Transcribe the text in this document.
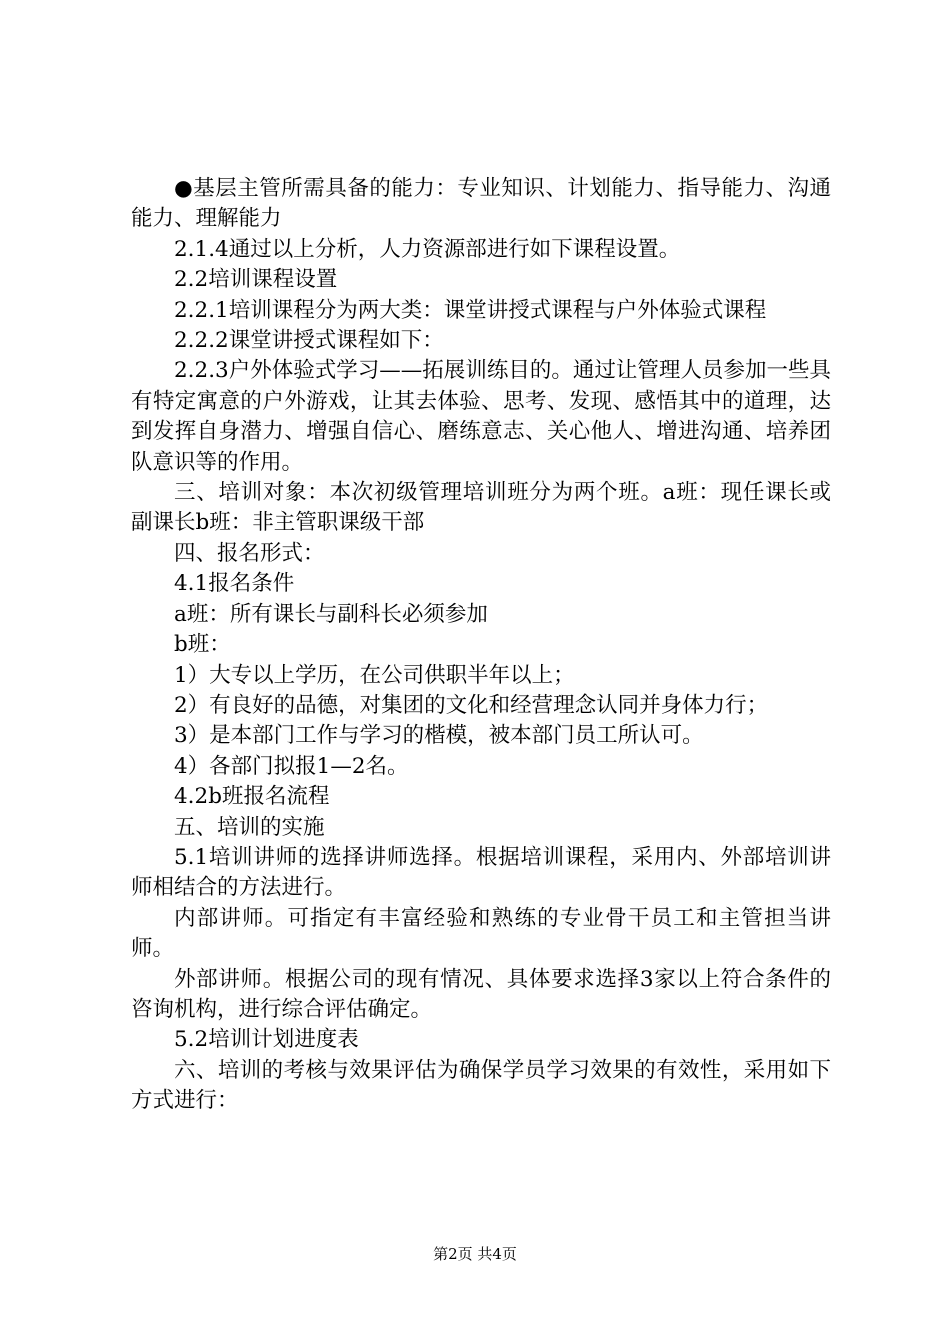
●基层主管所需具备的能力：专业知识、计划能力、指导能力、沟通能力、理解能力

2.1.4通过以上分析，人力资源部进行如下课程设置。

2.2培训课程设置

2.2.1培训课程分为两大类：课堂讲授式课程与户外体验式课程

2.2.2课堂讲授式课程如下：

2.2.3户外体验式学习——拓展训练目的。通过让管理人员参加一些具有特定寓意的户外游戏，让其去体验、思考、发现、感悟其中的道理，达到发挥自身潜力、增强自信心、磨练意志、关心他人、增进沟通、培养团队意识等的作用。

三、培训对象：本次初级管理培训班分为两个班。a班：现任课长或副课长b班：非主管职课级干部

四、报名形式：

4.1报名条件

a班：所有课长与副科长必须参加

b班：

1）大专以上学历，在公司供职半年以上；

2）有良好的品德，对集团的文化和经营理念认同并身体力行；

3）是本部门工作与学习的楷模，被本部门员工所认可。

4）各部门拟报1—2名。

4.2b班报名流程

五、培训的实施

5.1培训讲师的选择讲师选择。根据培训课程，采用内、外部培训讲师相结合的方法进行。

内部讲师。可指定有丰富经验和熟练的专业骨干员工和主管担当讲师。

外部讲师。根据公司的现有情况、具体要求选择3家以上符合条件的咨询机构，进行综合评估确定。

5.2培训计划进度表

六、培训的考核与效果评估为确保学员学习效果的有效性，采用如下方式进行：

第2页 共4页
